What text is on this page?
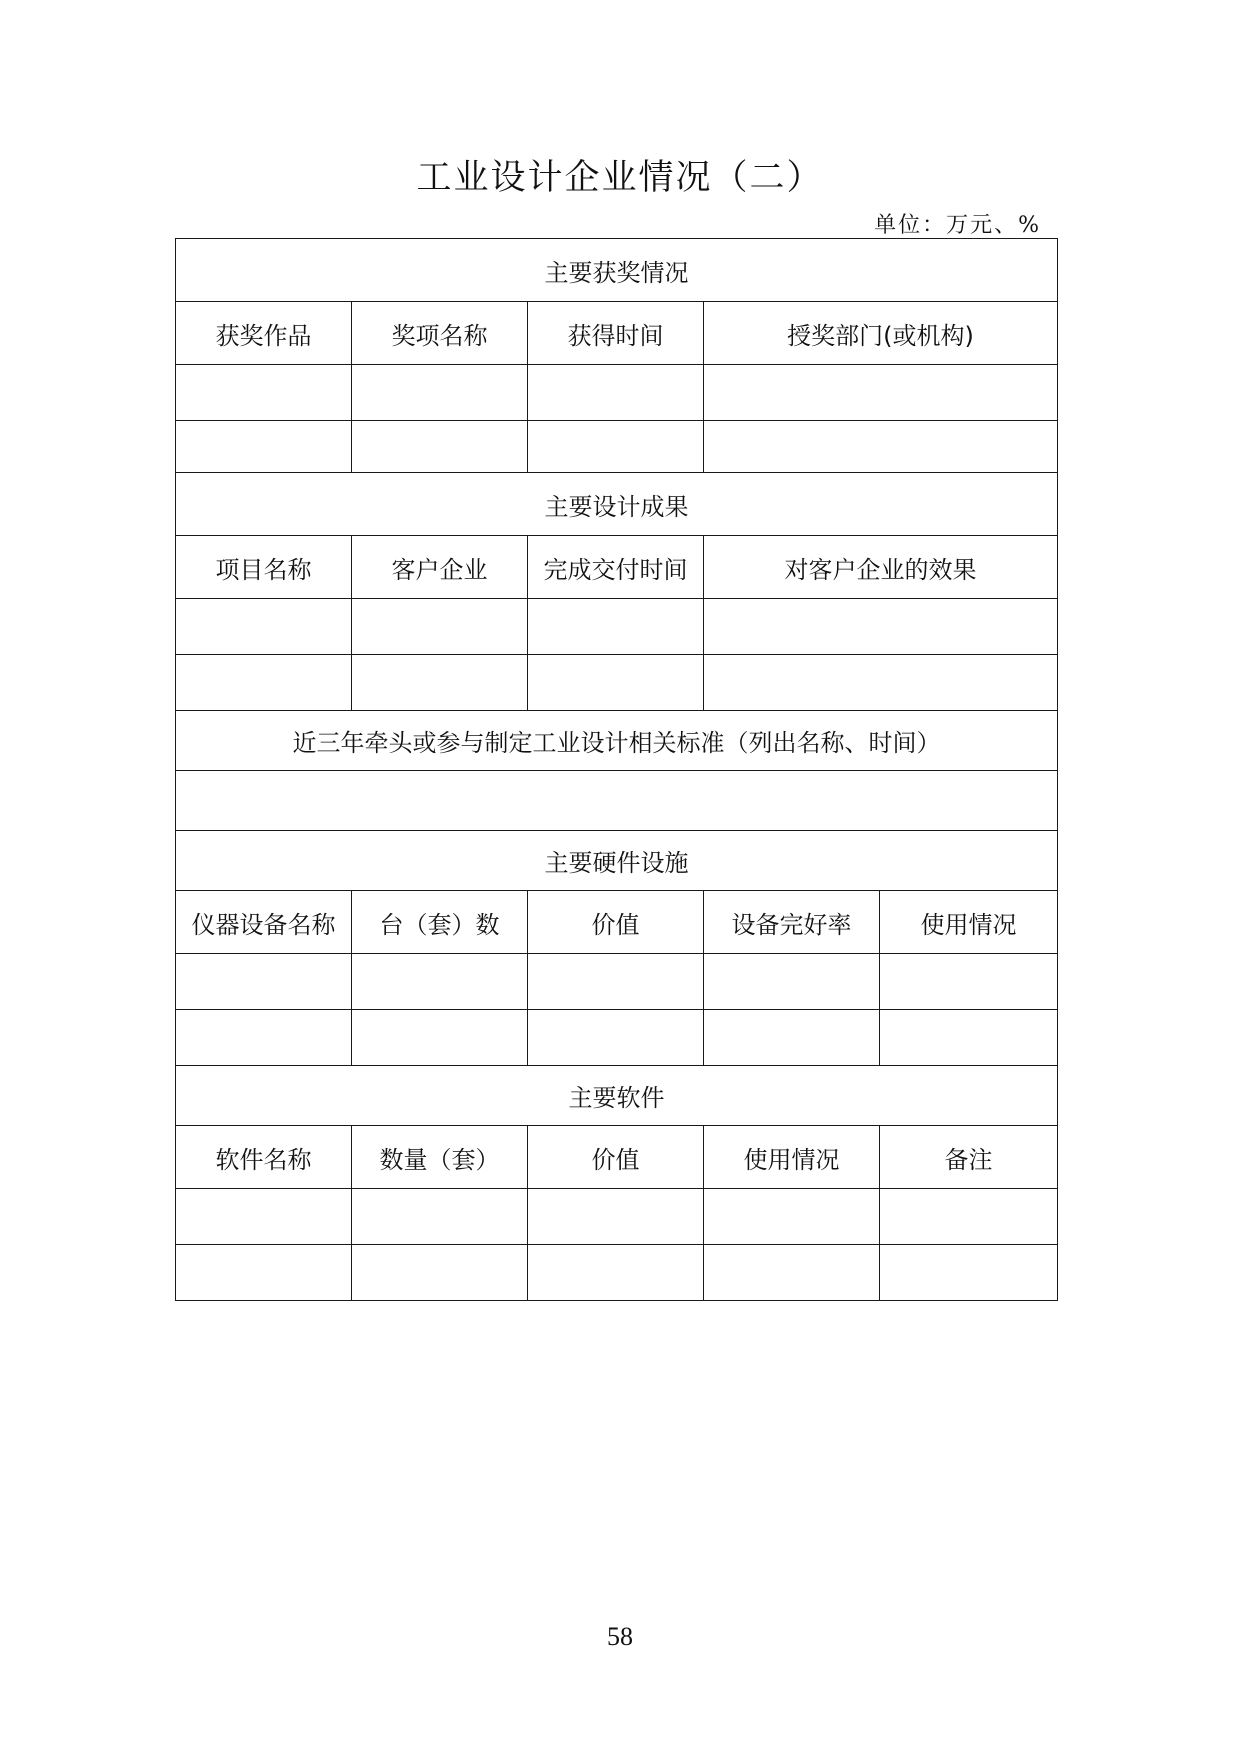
工业设计企业情况（二）
单位：万元、%
主要获奖情况				
获奖作品	奖项名称	获得时间	授奖部门(或机构)	

主要设计成果				
项目名称	客户企业	完成交付时间	对客户企业的效果	

近三年牵头或参与制定工业设计相关标准（列出名称、时间）				

主要硬件设施				
仪器设备名称	台（套）数	价值	设备完好率	使用情况

主要软件				
软件名称	数量（套）	价值	使用情况	备注

58
